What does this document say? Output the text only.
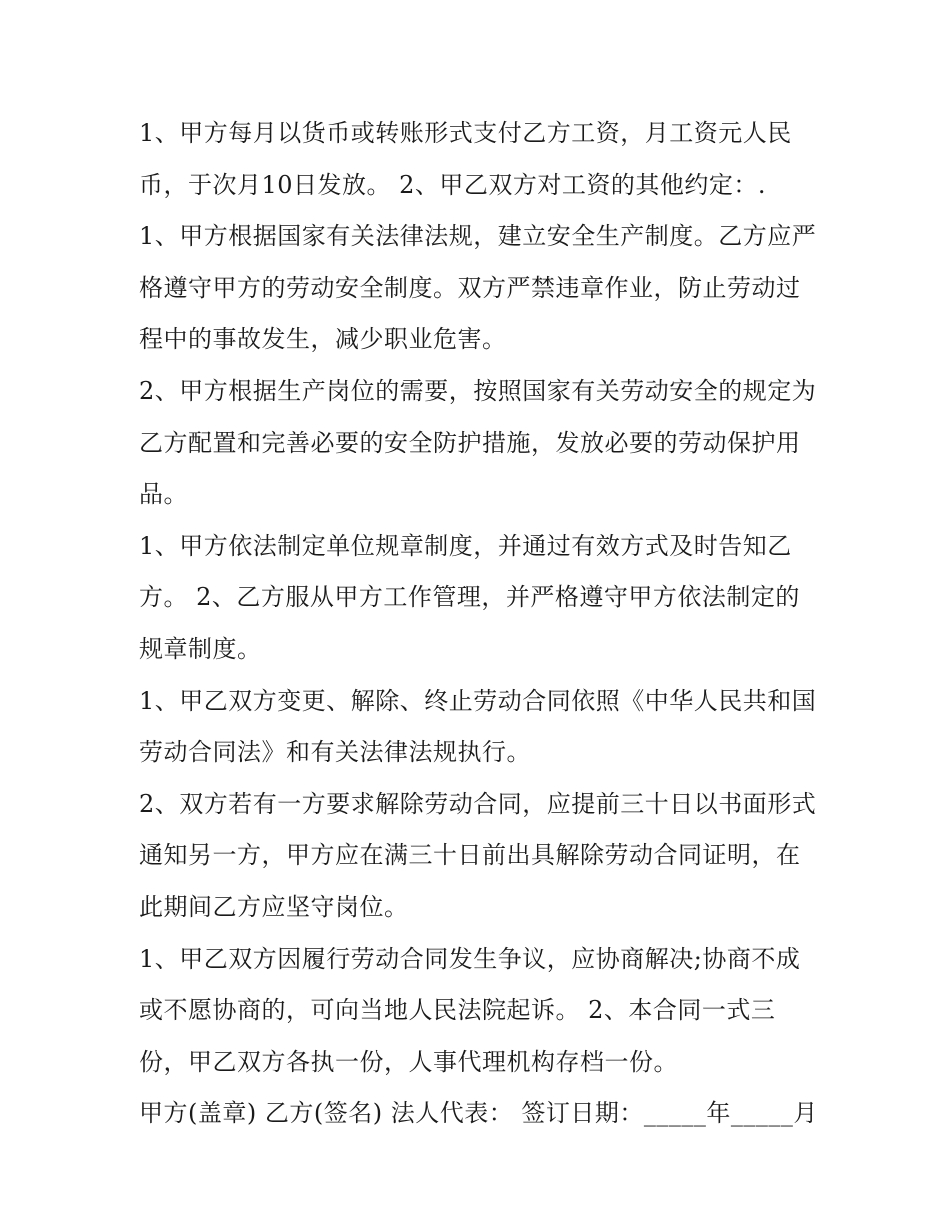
1、甲方每月以货币或转账形式支付乙方工资，月工资元人民币，于次月10日发放。 2、甲乙双方对工资的其他约定：.

1、甲方根据国家有关法律法规，建立安全生产制度。乙方应严格遵守甲方的劳动安全制度。双方严禁违章作业，防止劳动过程中的事故发生，减少职业危害。

2、甲方根据生产岗位的需要，按照国家有关劳动安全的规定为乙方配置和完善必要的安全防护措施，发放必要的劳动保护用品。

1、甲方依法制定单位规章制度，并通过有效方式及时告知乙方。 2、乙方服从甲方工作管理，并严格遵守甲方依法制定的规章制度。

1、甲乙双方变更、解除、终止劳动合同依照《中华人民共和国劳动合同法》和有关法律法规执行。

2、双方若有一方要求解除劳动合同，应提前三十日以书面形式通知另一方，甲方应在满三十日前出具解除劳动合同证明，在此期间乙方应坚守岗位。

1、甲乙双方因履行劳动合同发生争议，应协商解决;协商不成或不愿协商的，可向当地人民法院起诉。 2、本合同一式三份，甲乙双方各执一份，人事代理机构存档一份。

甲方(盖章) 乙方(签名) 法人代表： 签订日期：_____年_____月
